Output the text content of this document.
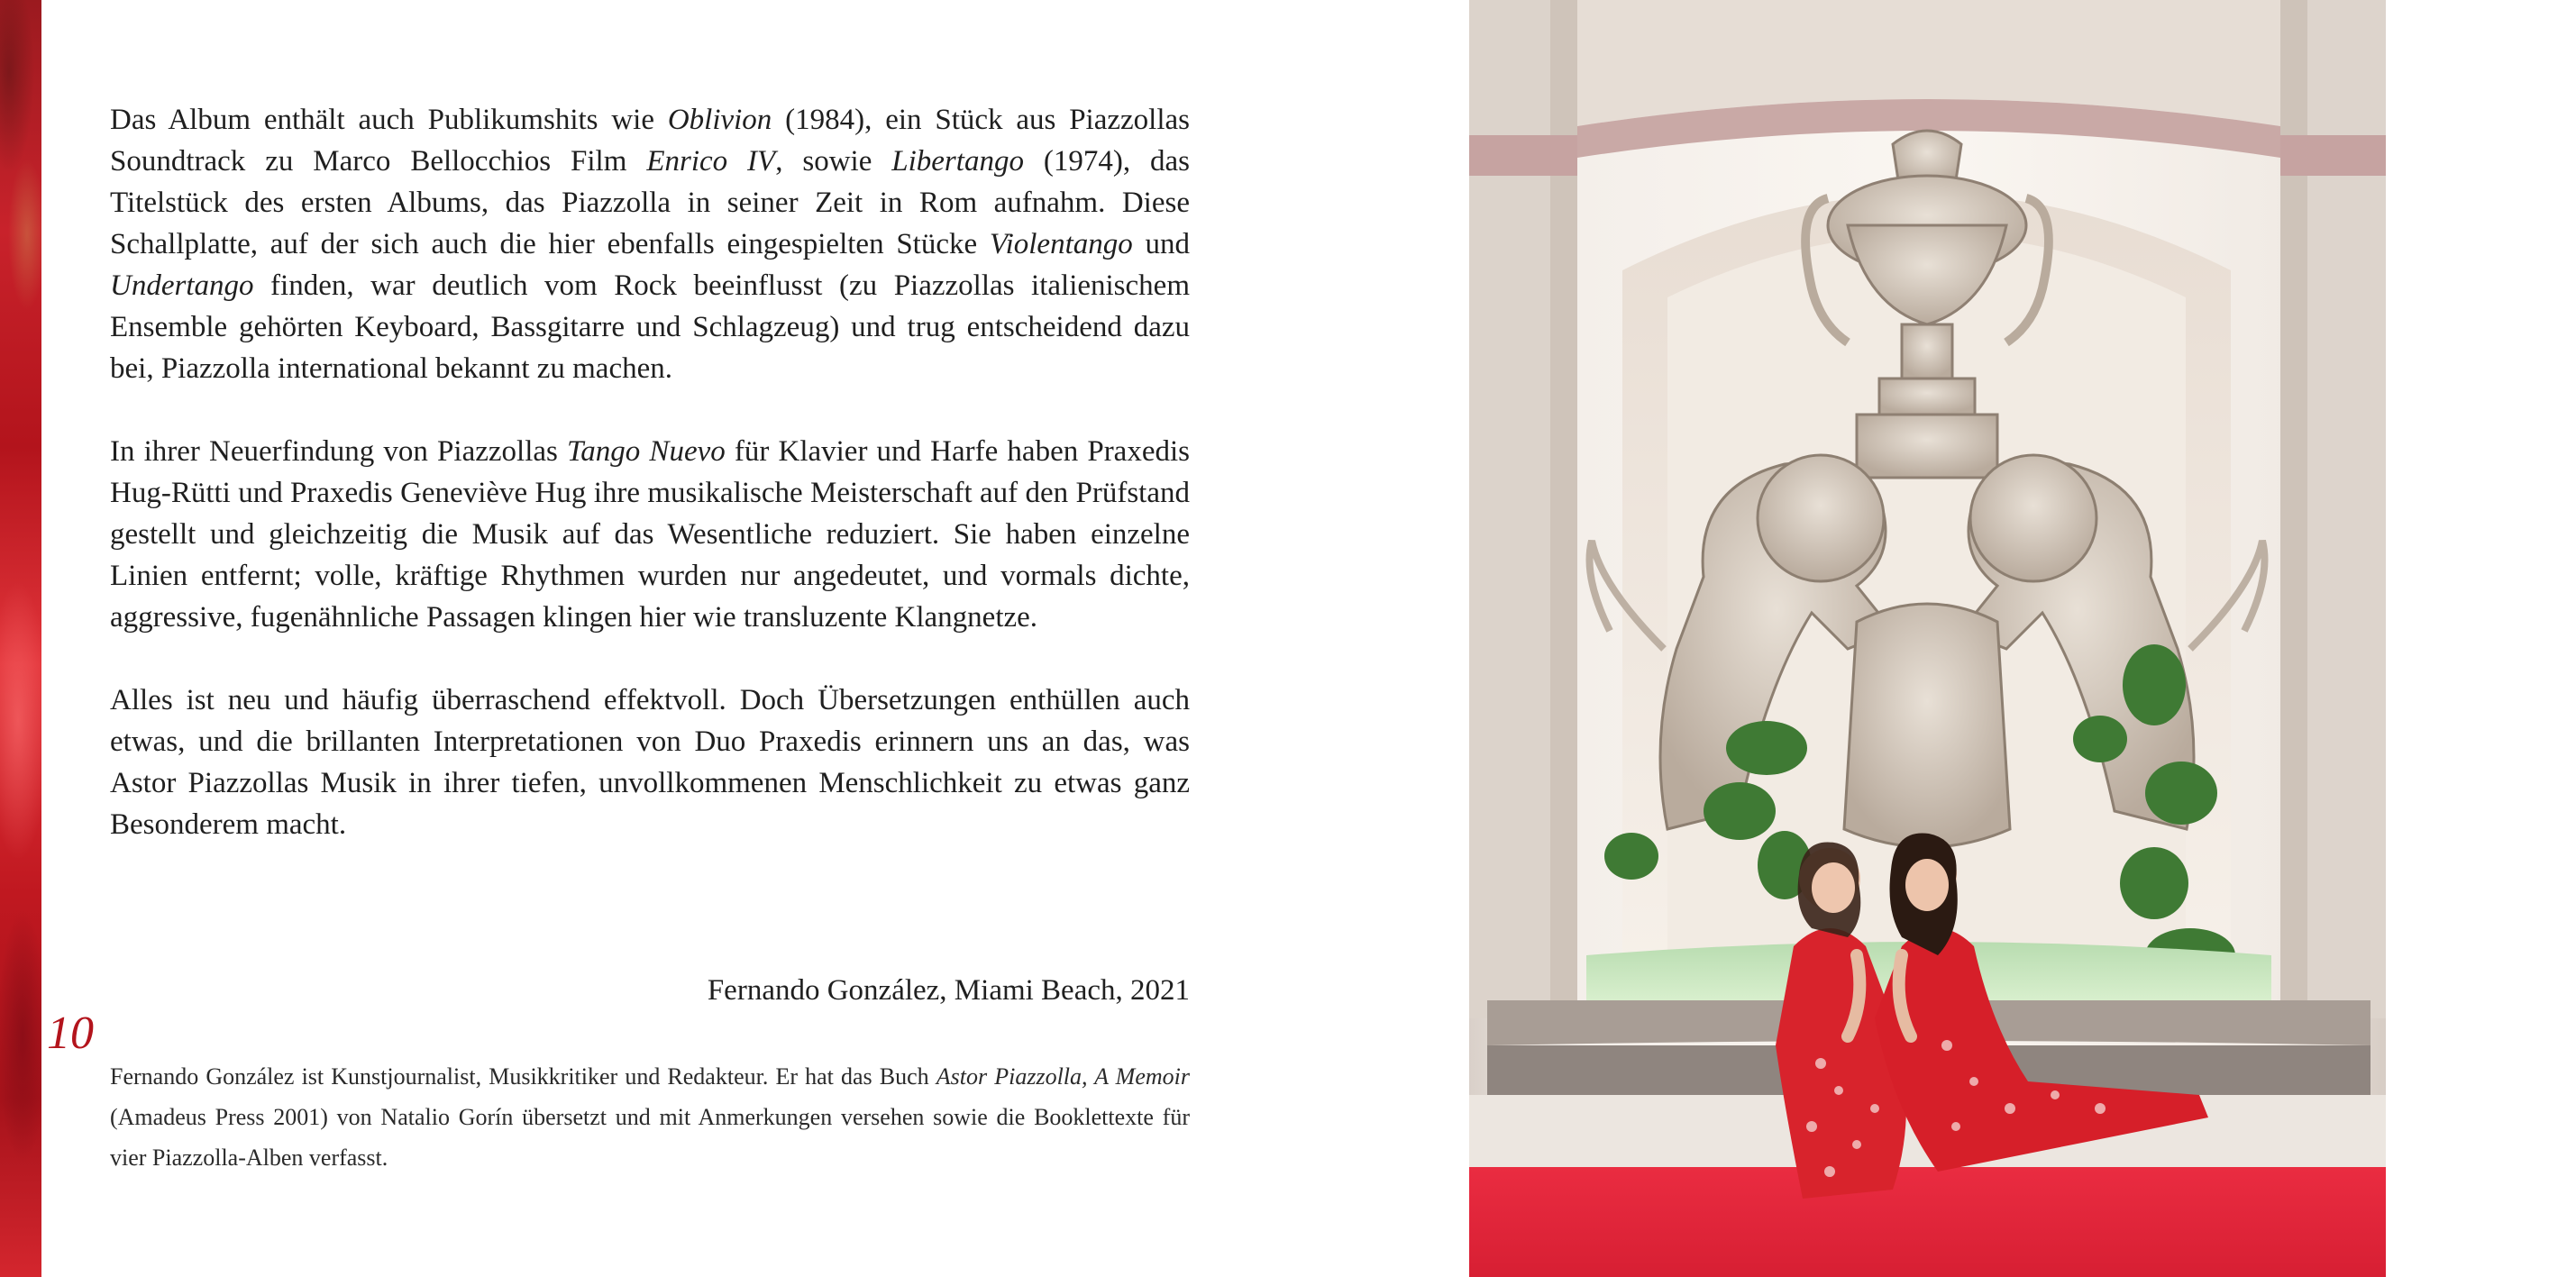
Das Album enthält auch Publikumshits wie Oblivion (1984), ein Stück aus Piazzollas Soundtrack zu Marco Bellocchios Film Enrico IV, sowie Libertango (1974), das Titelstück des ersten Albums, das Piazzolla in seiner Zeit in Rom aufnahm. Diese Schallplatte, auf der sich auch die hier ebenfalls eingespielten Stücke Violentango und Undertango finden, war deutlich vom Rock beeinflusst (zu Piazzollas italienischem Ensemble gehörten Keyboard, Bassgitarre und Schlagzeug) und trug entscheidend dazu bei, Piazzolla international bekannt zu machen.

In ihrer Neuerfindung von Piazzollas Tango Nuevo für Klavier und Harfe haben Praxedis Hug-Rütti und Praxedis Geneviève Hug ihre musikalische Meisterschaft auf den Prüfstand gestellt und gleichzeitig die Musik auf das Wesentliche reduziert. Sie haben einzelne Linien entfernt; volle, kräftige Rhythmen wurden nur angedeutet, und vormals dichte, aggressive, fugenähnliche Passagen klingen hier wie transluzente Klangnetze.

Alles ist neu und häufig überraschend effektvoll. Doch Übersetzungen enthüllen auch etwas, und die brillanten Interpretationen von Duo Praxedis erinnern uns an das, was Astor Piazzollas Musik in ihrer tiefen, unvollkommenen Menschlichkeit zu etwas ganz Besonderem macht.

Fernando González, Miami Beach, 2021
10
Fernando González ist Kunstjournalist, Musikkritiker und Redakteur. Er hat das Buch Astor Piazzolla, A Memoir (Amadeus Press 2001) von Natalio Gorín übersetzt und mit Anmerkungen versehen sowie die Booklettexte für vier Piazzolla-Alben verfasst.
